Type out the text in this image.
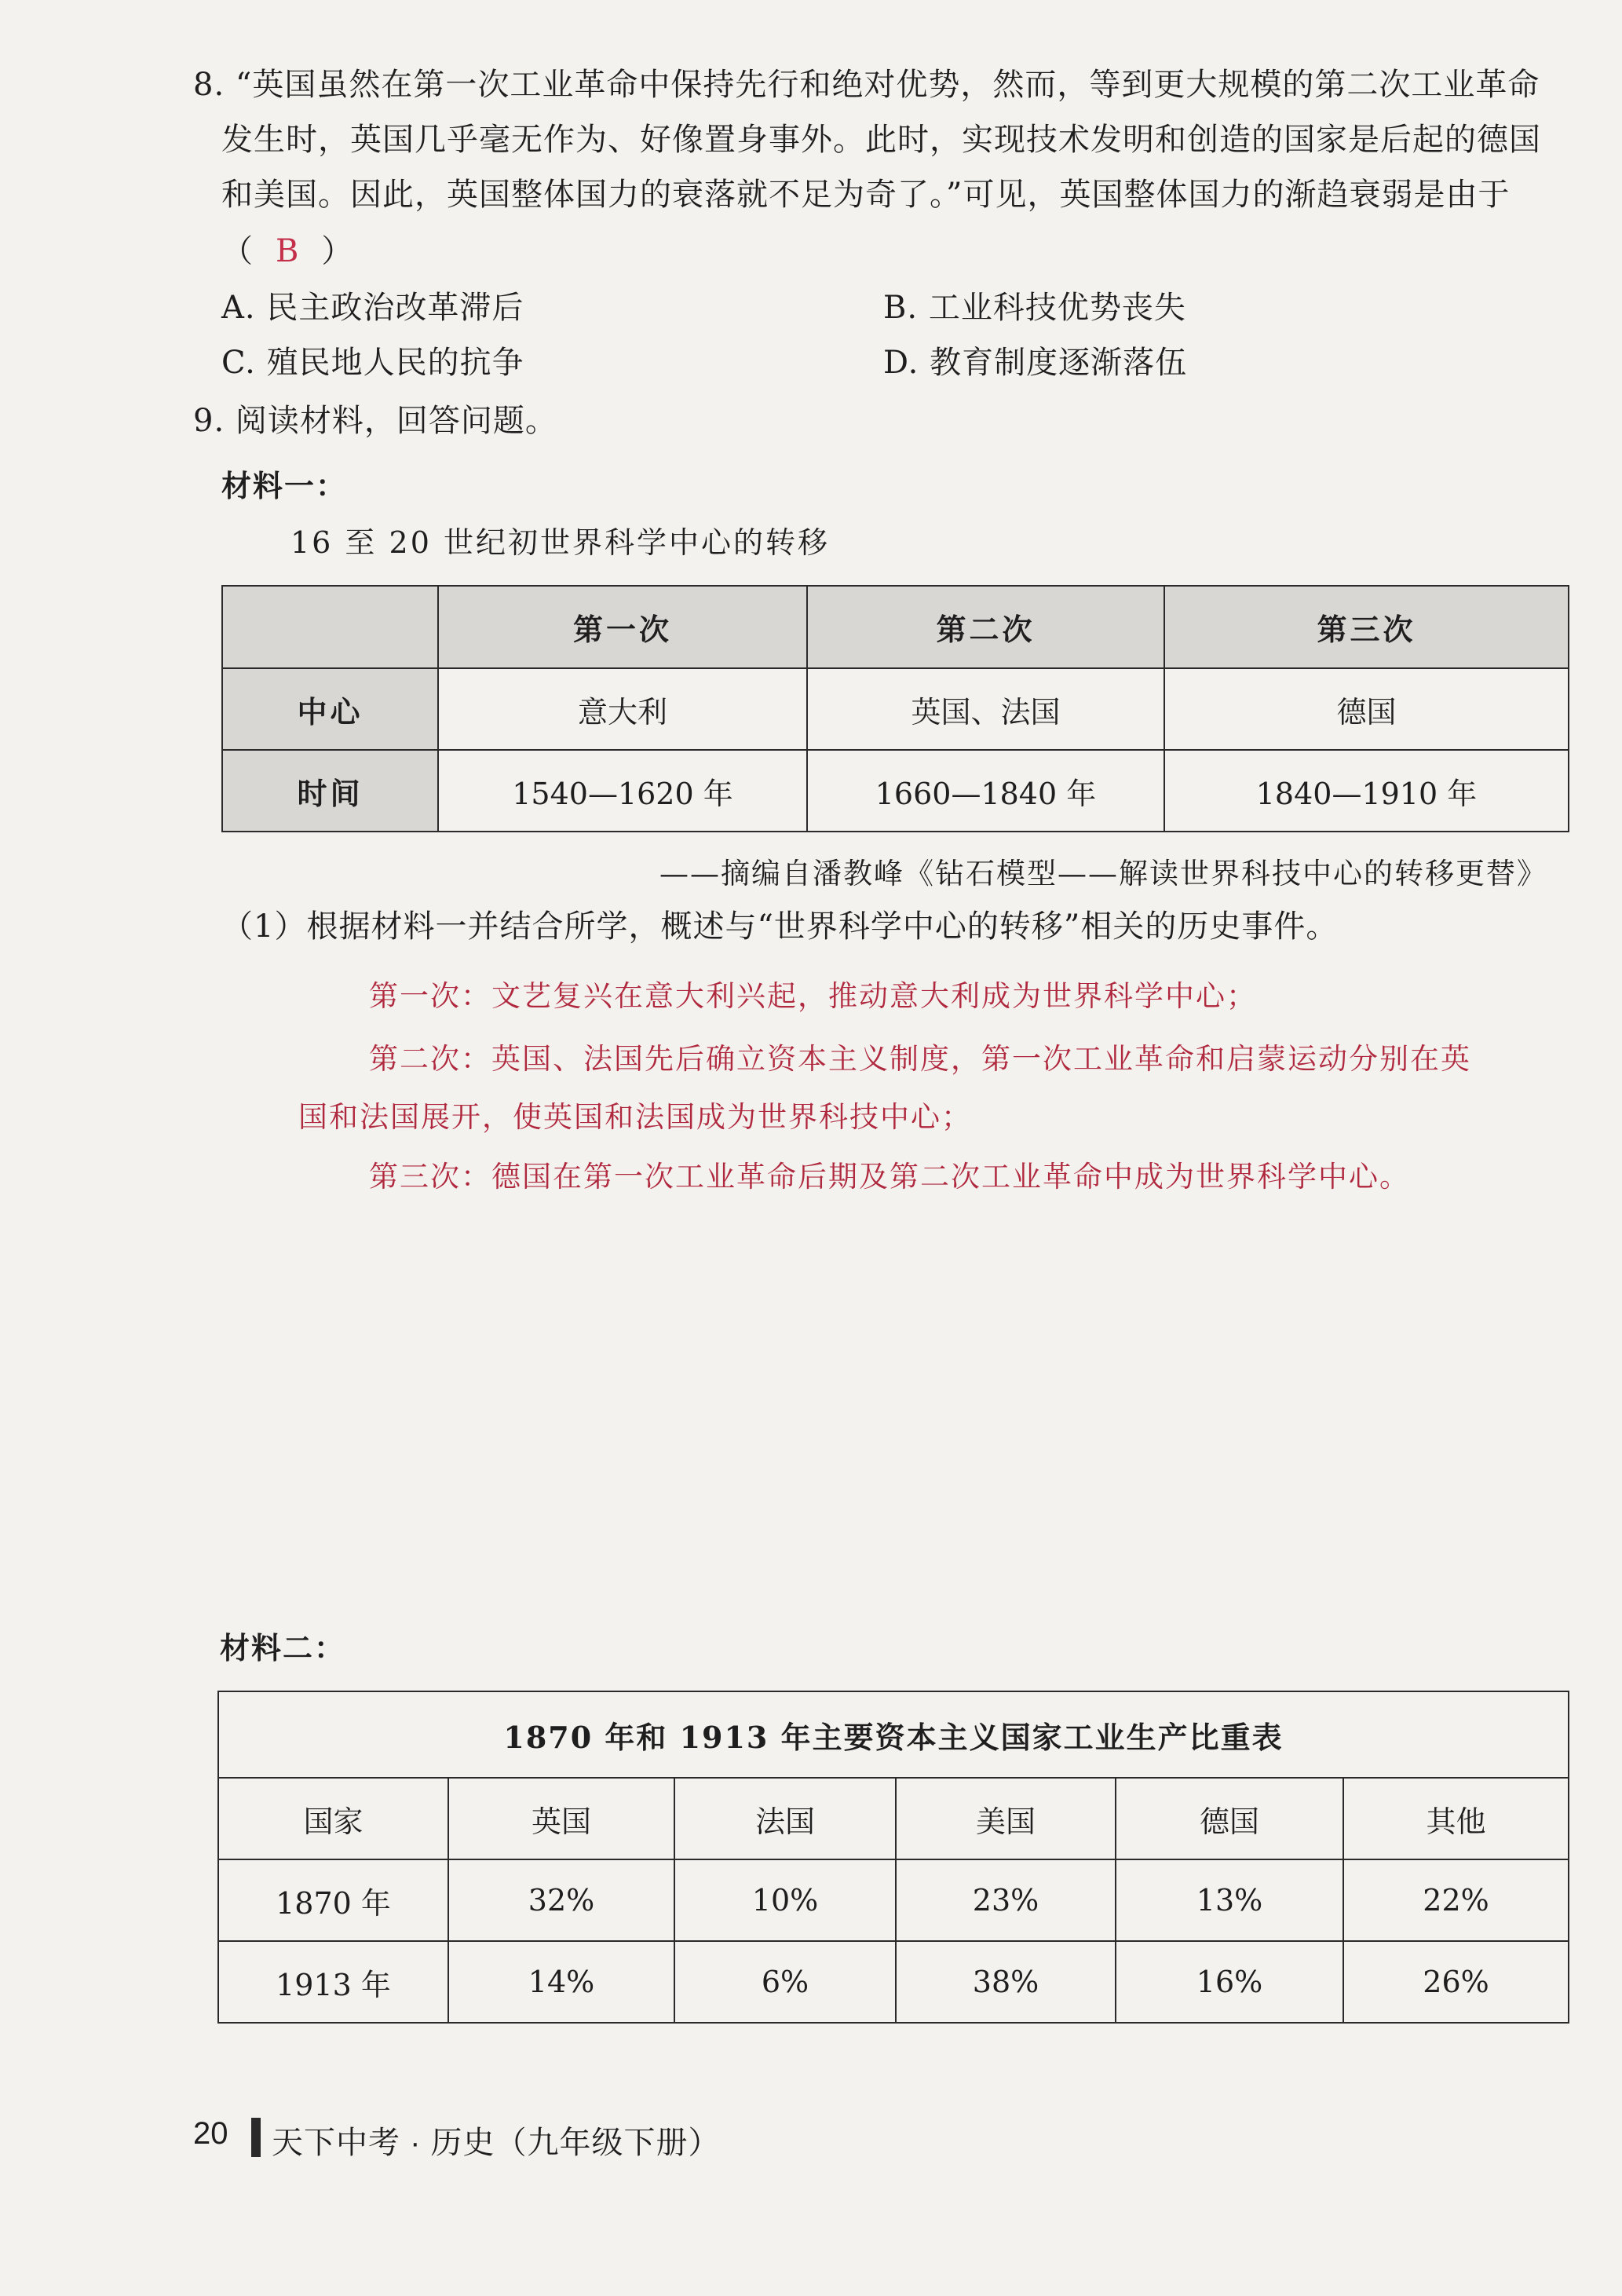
8. “英国虽然在第一次工业革命中保持先行和绝对优势，然而，等到更大规模的第二次工业革命
发生时，英国几乎毫无作为、好像置身事外。此时，实现技术发明和创造的国家是后起的德国
和美国。因此，英国整体国力的衰落就不足为奇了。”可见，英国整体国力的渐趋衰弱是由于
（ B ）
A. 民主政治改革滞后	B. 工业科技优势丧失
C. 殖民地人民的抗争	D. 教育制度逐渐落伍
9. 阅读材料，回答问题。
材料一：
16 至 20 世纪初世界科学中心的转移
	第一次	第二次	第三次
中心	意大利	英国、法国	德国
时间	1540—1620 年	1660—1840 年	1840—1910 年
——摘编自潘教峰《钻石模型——解读世界科技中心的转移更替》
（1）根据材料一并结合所学，概述与“世界科学中心的转移”相关的历史事件。
第一次：文艺复兴在意大利兴起，推动意大利成为世界科学中心；
第二次：英国、法国先后确立资本主义制度，第一次工业革命和启蒙运动分别在英
国和法国展开，使英国和法国成为世界科技中心；
第三次：德国在第一次工业革命后期及第二次工业革命中成为世界科学中心。
材料二：
1870 年和 1913 年主要资本主义国家工业生产比重表					
国家	英国	法国	美国	德国	其他
1870 年	32%	10%	23%	13%	22%
1913 年	14%	6%	38%	16%	26%
20 天下中考 · 历史（九年级下册）
